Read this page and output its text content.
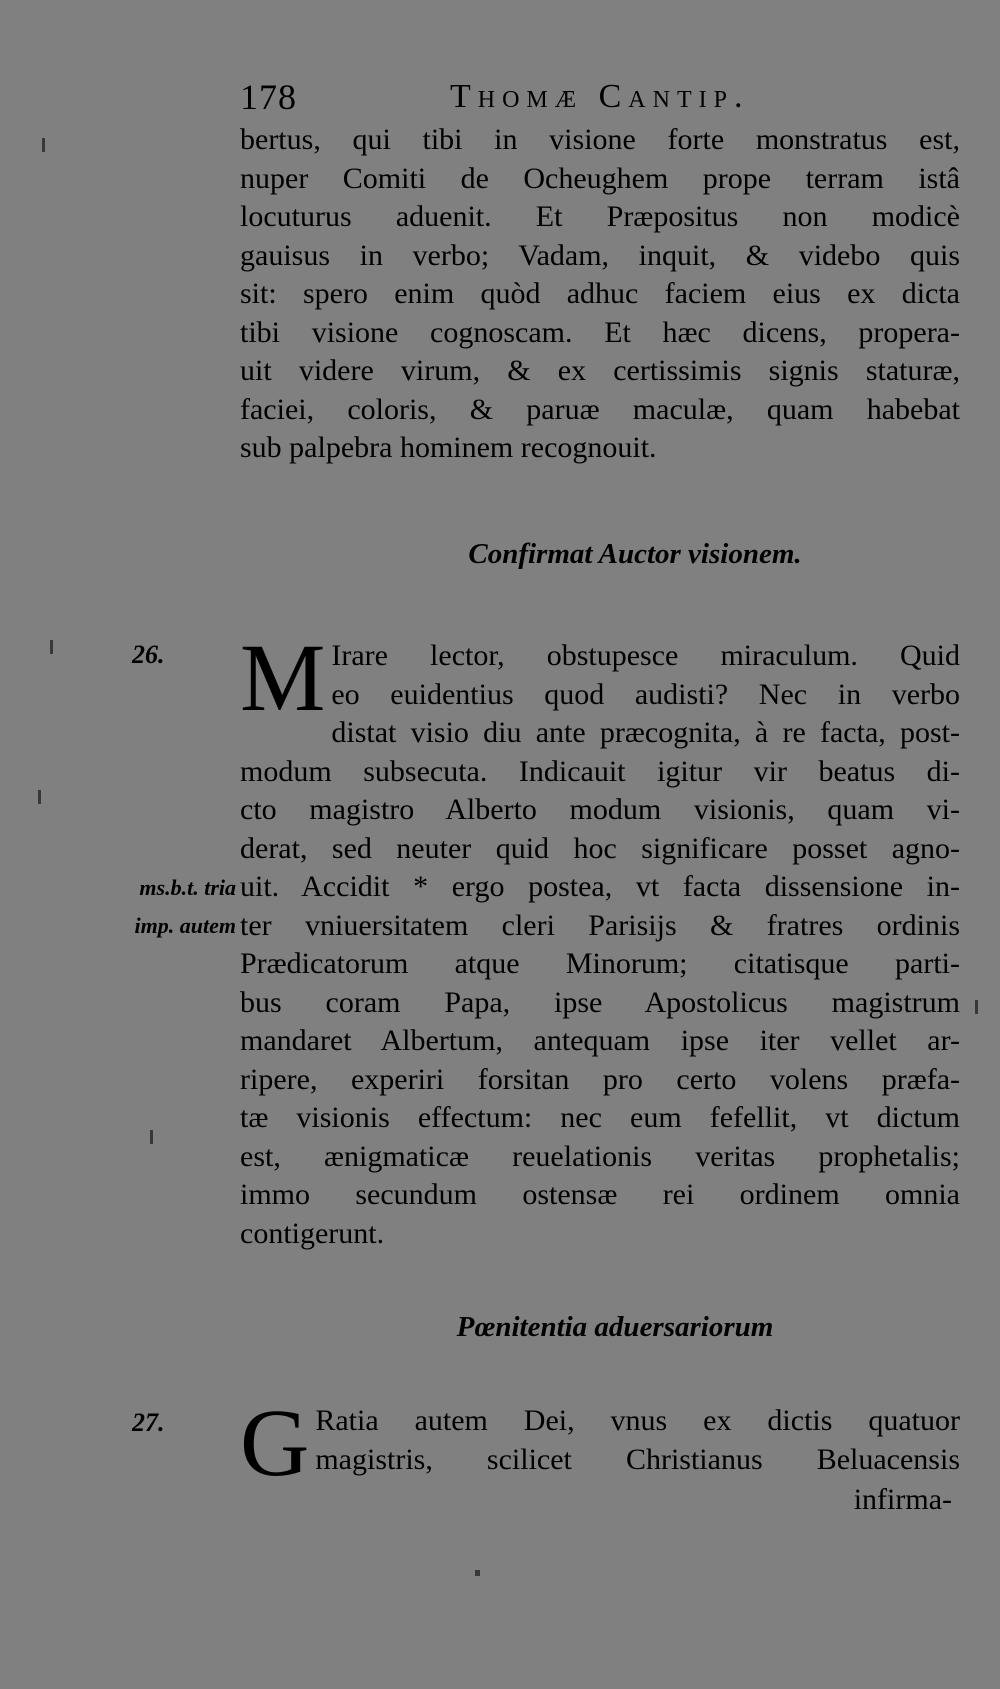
178	Thomæ Cantip.
bertus, qui tibi in visione forte monstratus est,
nuper Comiti de Ocheughem prope terram istâ
locuturus aduenit. Et Præpositus non modicè
gauisus in verbo; Vadam, inquit, & videbo quis
sit: spero enim quòd adhuc faciem eius ex dicta
tibi visione cognoscam. Et hæc dicens, propera-
uit videre virum, & ex certissimis signis staturæ,
faciei, coloris, & paruæ maculæ, quam habebat
sub palpebra hominem recognouit.
Confirmat Auctor visionem.
26.
ms.b.t. tria
imp. autem
M Irare lector, obstupesce miraculum. Quid
eo euidentius quod audisti? Nec in verbo
distat visio diu ante præcognita, à re facta, post-
modum subsecuta. Indicauit igitur vir beatus di-
cto magistro Alberto modum visionis, quam vi-
derat, sed neuter quid hoc significare posset agno-
uit. Accidit * ergo postea, vt facta dissensione in-
ter vniuersitatem cleri Parisijs & fratres ordinis
Prædicatorum atque Minorum; citatisque parti-
bus coram Papa, ipse Apostolicus magistrum
mandaret Albertum, antequam ipse iter vellet ar-
ripere, experiri forsitan pro certo volens præfa-
tæ visionis effectum: nec eum fefellit, vt dictum
est, ænigmaticæ reuelationis veritas prophetalis;
immo secundum ostensæ rei ordinem omnia
contigerunt.
Pœnitentia aduersariorum
27. G Ratia autem Dei, vnus ex dictis quatuor
magistris, scilicet Christianus Beluacensis
infirma-
